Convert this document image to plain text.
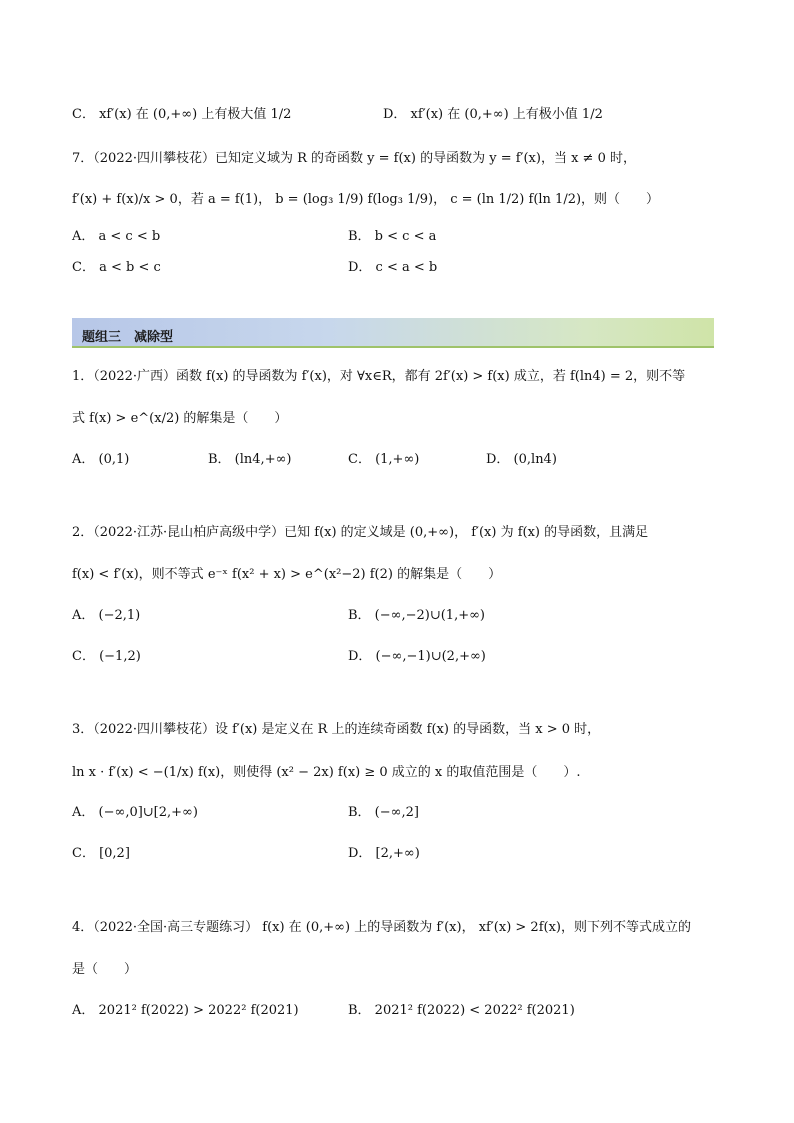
C． xf′(x) 在 (0,+∞) 上有极大值 1/2	D． xf′(x) 在 (0,+∞) 上有极小值 1/2
7．（2022·四川攀枝花）已知定义域为 R 的奇函数 y = f(x) 的导函数为 y = f′(x)，当 x ≠ 0 时，
f′(x) + f(x)/x > 0，若 a = f(1)， b = (log₃ 1/9) f(log₃ 1/9)， c = (ln 1/2) f(ln 1/2)，则（　　）
A． a < c < b	B． b < c < a
C． a < b < c	D． c < a < b
题组三　减除型
1．（2022·广西）函数 f(x) 的导函数为 f′(x)，对 ∀x∈R，都有 2f′(x) > f(x) 成立，若 f(ln4) = 2，则不等
式 f(x) > e^(x/2) 的解集是（　　）
A． (0,1)	B． (ln4,+∞)	C． (1,+∞)	D． (0,ln4)
2．（2022·江苏·昆山柏庐高级中学）已知 f(x) 的定义域是 (0,+∞)， f′(x) 为 f(x) 的导函数，且满足
f(x) < f′(x)，则不等式 e⁻ˣ f(x² + x) > e^(x²−2) f(2) 的解集是（　　）
A． (−2,1)	B． (−∞,−2)∪(1,+∞)
C． (−1,2)	D． (−∞,−1)∪(2,+∞)
3．（2022·四川攀枝花）设 f′(x) 是定义在 R 上的连续奇函数 f(x) 的导函数，当 x > 0 时，
ln x · f′(x) < −(1/x) f(x)，则使得 (x² − 2x) f(x) ≥ 0 成立的 x 的取值范围是（　　）.
A． (−∞,0]∪[2,+∞)	B． (−∞,2]
C． [0,2]	D． [2,+∞)
4．（2022·全国·高三专题练习） f(x) 在 (0,+∞) 上的导函数为 f′(x)， xf′(x) > 2f(x)，则下列不等式成立的
是（　　）
A． 2021² f(2022) > 2022² f(2021)	B． 2021² f(2022) < 2022² f(2021)
